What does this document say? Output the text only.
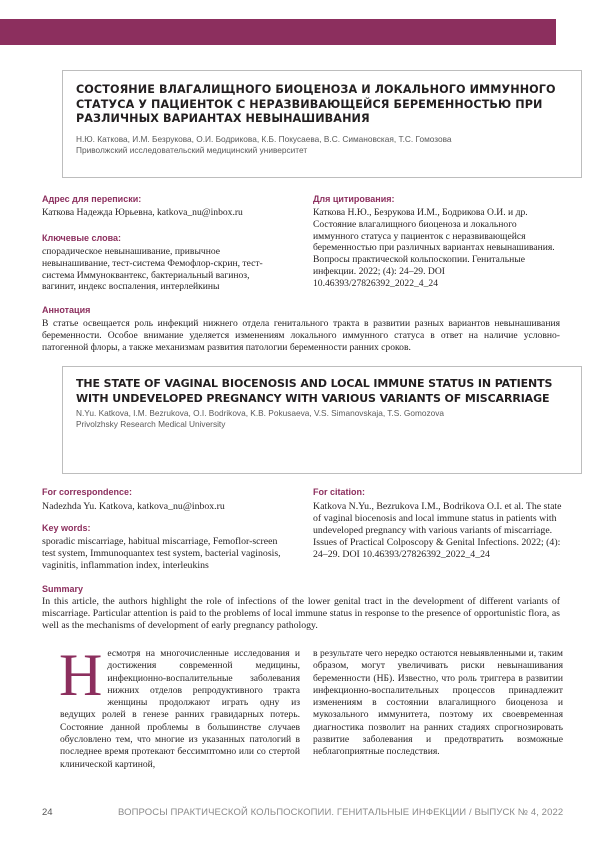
СОСТОЯНИЕ ВЛАГАЛИЩНОГО БИОЦЕНОЗА И ЛОКАЛЬНОГО ИММУННОГО СТАТУСА У ПАЦИЕНТОК С НЕРАЗВИВАЮЩЕЙСЯ БЕРЕМЕННОСТЬЮ ПРИ РАЗЛИЧНЫХ ВАРИАНТАХ НЕВЫНАШИВАНИЯ
Н.Ю. Каткова, И.М. Безрукова, О.И. Бодрикова, К.Б. Покусаева, В.С. Симановская, Т.С. Гомозова
Приволжский исследовательский медицинский университет

Адрес для переписки:

Каткова Надежда Юрьевна, katkova_nu@inbox.ru

Ключевые слова:

спорадическое невынашивание, привычное невынашивание, тест-система Фемофлор-скрин, тест-система Иммуноквантекс, бактериальный вагиноз, вагинит, индекс воспаления, интерлейкины

Для цитирования:

Каткова Н.Ю., Безрукова И.М., Бодрикова О.И. и др. Состояние влагалищного биоценоза и локального иммунного статуса у пациенток с неразвивающейся беременностью при различных вариантах невынашивания. Вопросы практической кольпоскопии. Генитальные инфекции. 2022; (4): 24–29. DOI 10.46393/27826392_2022_4_24

Аннотация

В статье освещается роль инфекций нижнего отдела генитального тракта в развитии разных вариантов невынашивания беременности. Особое внимание уделяется изменениям локального иммунного статуса в ответ на наличие условно-патогенной флоры, а также механизмам развития патологии беременности ранних сроков.

THE STATE OF VAGINAL BIOCENOSIS AND LOCAL IMMUNE STATUS IN PATIENTS WITH UNDEVELOPED PREGNANCY WITH VARIOUS VARIANTS OF MISCARRIAGE
N.Yu. Katkova, I.M. Bezrukova, O.I. Bodrikova, K.B. Pokusaeva, V.S. Simanovskaja, T.S. Gomozova
Privolzhsky Research Medical University

For correspondence:

Nadezhda Yu. Katkova, katkova_nu@inbox.ru

Key words:

sporadic miscarriage, habitual miscarriage, Femoflor-screen test system, Immunoquantex test system, bacterial vaginosis, vaginitis, inflammation index, interleukins

For citation:

Katkova N.Yu., Bezrukova I.M., Bodrikova O.I. et al. The state of vaginal biocenosis and local immune status in patients with undeveloped pregnancy with various variants of miscarriage. Issues of Practical Colposcopy & Genital Infections. 2022; (4): 24–29. DOI 10.46393/27826392_2022_4_24

Summary

In this article, the authors highlight the role of infections of the lower genital tract in the development of different variants of miscarriage. Particular attention is paid to the problems of local immune status in response to the presence of opportunistic flora, as well as the mechanisms of development of early pregnancy pathology.

Несмотря на многочисленные исследования и достижения современной медицины, инфекционно-воспалительные заболевания нижних отделов репродуктивного тракта женщины продолжают играть одну из ведущих ролей в генезе ранних гравидарных потерь. Состояние данной проблемы в большинстве случаев обусловлено тем, что многие из указанных патологий в последнее время протекают бессимптомно или со стертой клинической картиной,

в результате чего нередко остаются невыявленными и, таким образом, могут увеличивать риски невынашивания беременности (НБ). Известно, что роль триггера в развитии инфекционно-воспалительных процессов принадлежит изменениям в состоянии влагалищного биоценоза и мукозального иммунитета, поэтому их своевременная диагностика позволит на ранних стадиях спрогнозировать развитие заболевания и предотвратить возможные неблагоприятные последствия.

24	ВОПРОСЫ ПРАКТИЧЕСКОЙ КОЛЬПОСКОПИИ. ГЕНИТАЛЬНЫЕ ИНФЕКЦИИ / ВЫПУСК № 4, 2022
